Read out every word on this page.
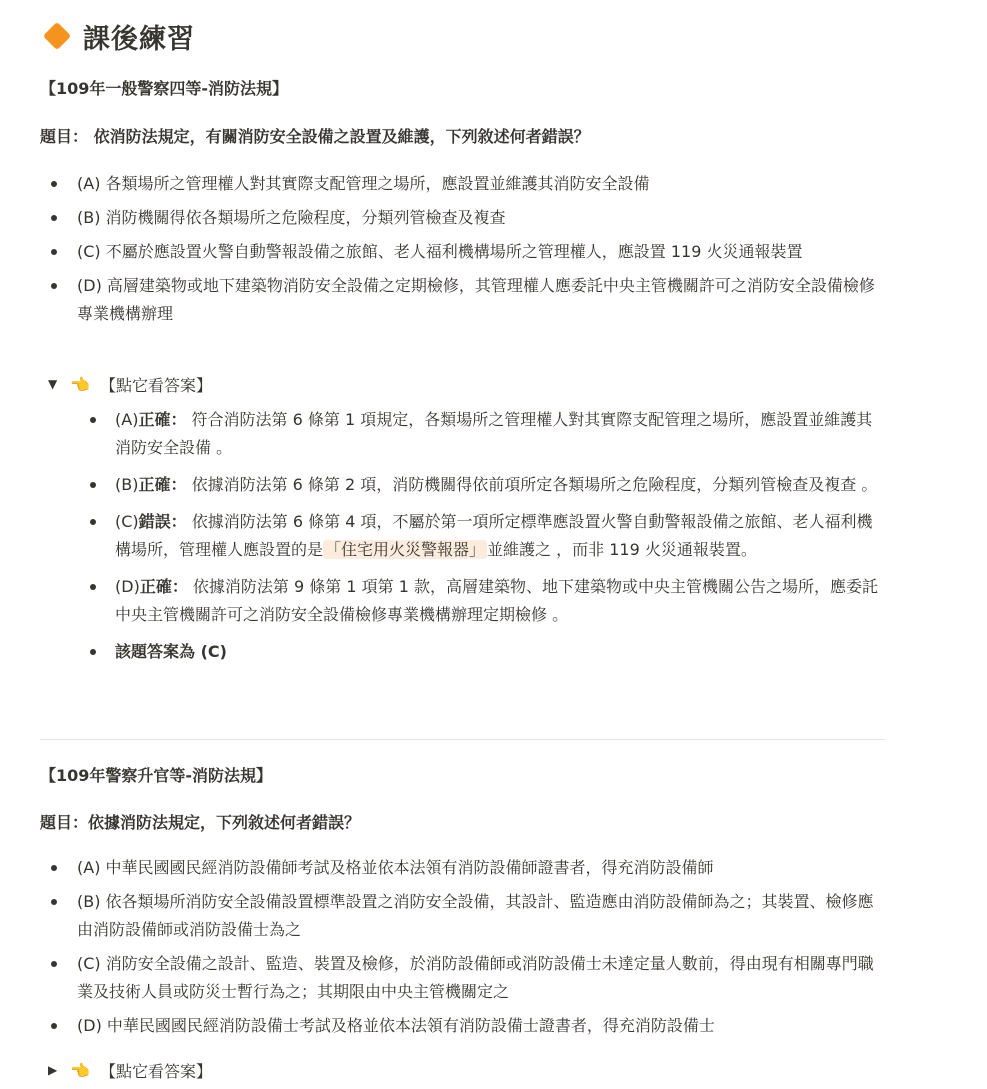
課後練習
【109年一般警察四等-消防法規】
題目： 依消防法規定，有關消防安全設備之設置及維護，下列敘述何者錯誤？
(A) 各類場所之管理權人對其實際支配管理之場所，應設置並維護其消防安全設備
(B) 消防機關得依各類場所之危險程度，分類列管檢查及複查
(C) 不屬於應設置火警自動警報設備之旅館、老人福利機構場所之管理權人，應設置 119 火災通報裝置
(D) 高層建築物或地下建築物消防安全設備之定期檢修，其管理權人應委託中央主管機關許可之消防安全設備檢修專業機構辦理
▼ 👈 【點它看答案】
(A)正確： 符合消防法第 6 條第 1 項規定，各類場所之管理權人對其實際支配管理之場所，應設置並維護其消防安全設備 。
(B)正確： 依據消防法第 6 條第 2 項，消防機關得依前項所定各類場所之危險程度，分類列管檢查及複查 。
(C)錯誤： 依據消防法第 6 條第 4 項，不屬於第一項所定標準應設置火警自動警報設備之旅館、老人福利機構場所，管理權人應設置的是 「住宅用火災警報器」 並維護之 ，而非 119 火災通報裝置。
(D)正確： 依據消防法第 9 條第 1 項第 1 款，高層建築物、地下建築物或中央主管機關公告之場所，應委託中央主管機關許可之消防安全設備檢修專業機構辦理定期檢修 。
該題答案為 (C)
【109年警察升官等-消防法規】
題目：依據消防法規定，下列敘述何者錯誤？
(A) 中華民國國民經消防設備師考試及格並依本法領有消防設備師證書者，得充消防設備師
(B) 依各類場所消防安全設備設置標準設置之消防安全設備，其設計、監造應由消防設備師為之；其裝置、檢修應由消防設備師或消防設備士為之
(C) 消防安全設備之設計、監造、裝置及檢修，於消防設備師或消防設備士未達定量人數前，得由現有相關專門職業及技術人員或防災士暫行為之；其期限由中央主管機關定之
(D) 中華民國國民經消防設備士考試及格並依本法領有消防設備士證書者，得充消防設備士
▶ 👈 【點它看答案】
